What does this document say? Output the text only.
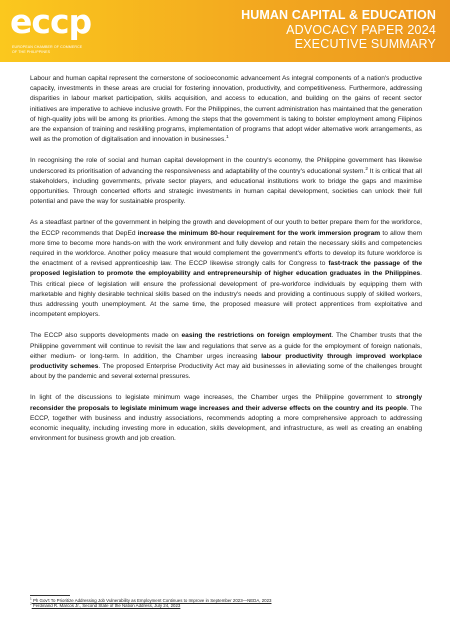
eccp
EUROPEAN CHAMBER OF COMMERCE
OF THE PHILIPPINES
HUMAN CAPITAL & EDUCATION
ADVOCACY PAPER 2024
EXECUTIVE SUMMARY

Labour and human capital represent the cornerstone of socioeconomic advancement As integral components of a nation's productive capacity, investments in these areas are crucial for fostering innovation, productivity, and competitiveness. Furthermore, addressing disparities in labour market participation, skills acquisition, and access to education, and building on the gains of recent sector initiatives are imperative to achieve inclusive growth. For the Philippines, the current administration has maintained that the generation of high-quality jobs will be among its priorities. Among the steps that the government is taking to bolster employment among Filipinos are the expansion of training and reskilling programs, implementation of programs that adopt wider alternative work arrangements, as well as the promotion of digitalisation and innovation in businesses.$^1$

In recognising the role of social and human capital development in the country's economy, the Philippine government has likewise underscored its prioritisation of advancing the responsiveness and adaptability of the country's educational system.$^2$ It is critical that all stakeholders, including governments, private sector players, and educational institutions work to bridge the gaps and maximise opportunities. Through concerted efforts and strategic investments in human capital development, societies can unlock their full potential and pave the way for sustainable prosperity.

As a steadfast partner of the government in helping the growth and development of our youth to better prepare them for the workforce, the ECCP recommends that DepEd increase the minimum 80-hour requirement for the work immersion program to allow them more time to become more hands-on with the work environment and fully develop and retain the necessary skills and competencies required in the workforce. Another policy measure that would complement the government's efforts to develop its future workforce is the enactment of a revised apprenticeship law. The ECCP likewise strongly calls for Congress to fast-track the passage of the proposed legislation to promote the employability and entrepreneurship of higher education graduates in the Philippines. This critical piece of legislation will ensure the professional development of pre-workforce individuals by equipping them with marketable and highly desirable technical skills based on the industry's needs and providing a continuous supply of skilled workers, thus addressing youth unemployment. At the same time, the proposed measure will protect apprentices from exploitative and incompetent employers.

The ECCP also supports developments made on easing the restrictions on foreign employment. The Chamber trusts that the Philippine government will continue to revisit the law and regulations that serve as a guide for the employment of foreign nationals, either medium- or long-term. In addition, the Chamber urges increasing labour productivity through improved workplace productivity schemes. The proposed Enterprise Productivity Act may aid businesses in alleviating some of the challenges brought about by the pandemic and several external pressures.

In light of the discussions to legislate minimum wage increases, the Chamber urges the Philippine government to strongly reconsider the proposals to legislate minimum wage increases and their adverse effects on the country and its people. The ECCP, together with business and industry associations, recommends adopting a more comprehensive approach to addressing economic inequality, including investing more in education, skills development, and infrastructure, as well as creating an enabling environment for business growth and job creation.

$^1$ Ph Gov't To Prioritize Addressing Job Vulnerability as Employment Continues to Improve in September 2023—NEDA, 2023
$^2$ Ferdinand R. Marcos Jr., Second State of the Nation Address, July 24, 2023
